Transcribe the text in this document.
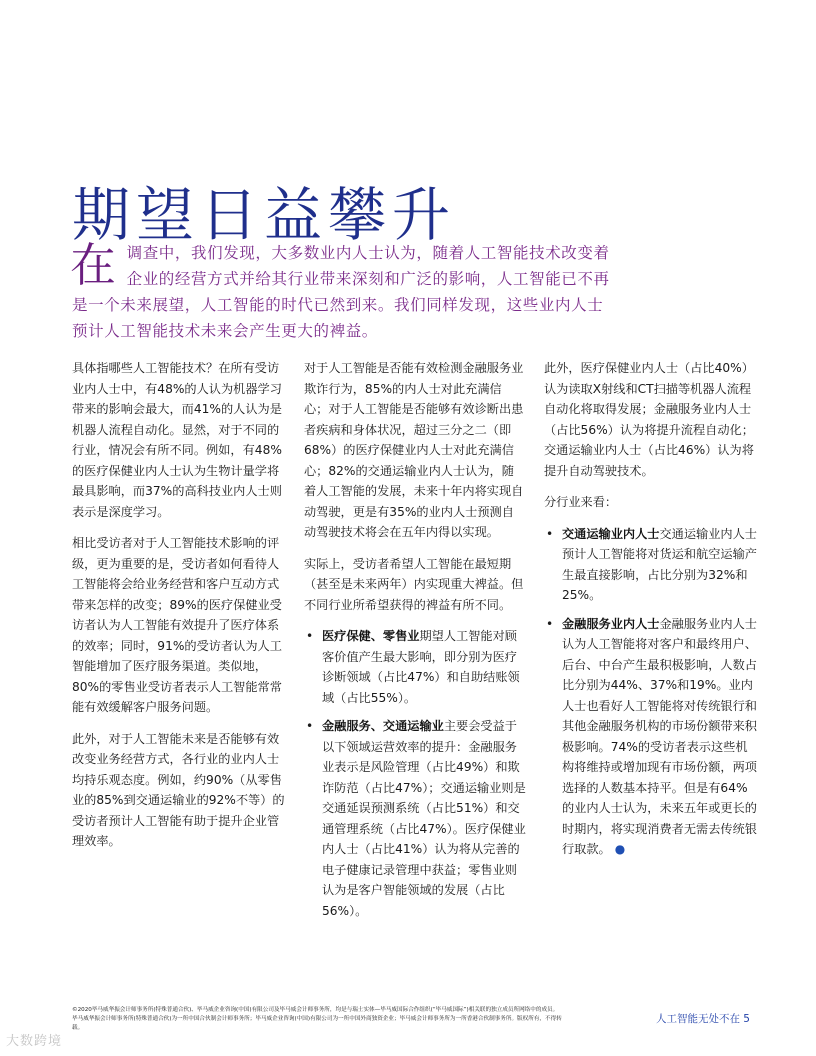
期望日益攀升
在 调查中，我们发现，大多数业内人士认为，随着人工智能技术改变着企业的经营方式并给其行业带来深刻和广泛的影响，人工智能已不再是一个未来展望，人工智能的时代已然到来。我们同样发现，这些业内人士预计人工智能技术未来会产生更大的裨益。

具体指哪些人工智能技术？在所有受访业内人士中，有48%的人认为机器学习带来的影响会最大，而41%的人认为是机器人流程自动化。显然，对于不同的行业，情况会有所不同。例如，有48%的医疗保健业内人士认为生物计量学将最具影响，而37%的高科技业内人士则表示是深度学习。

相比受访者对于人工智能技术影响的评级，更为重要的是，受访者如何看待人工智能将会给业务经营和客户互动方式带来怎样的改变；89%的医疗保健业受访者认为人工智能有效提升了医疗体系的效率；同时，91%的受访者认为人工智能增加了医疗服务渠道。类似地，80%的零售业受访者表示人工智能常常能有效缓解客户服务问题。

此外，对于人工智能未来是否能够有效改变业务经营方式，各行业的业内人士均持乐观态度。例如，约90%（从零售业的85%到交通运输业的92%不等）的受访者预计人工智能有助于提升企业管理效率。

对于人工智能是否能有效检测金融服务业欺诈行为，85%的内人士对此充满信心；对于人工智能是否能够有效诊断出患者疾病和身体状况，超过三分之二（即68%）的医疗保健业内人士对此充满信心；82%的交通运输业内人士认为，随着人工智能的发展，未来十年内将实现自动驾驶，更是有35%的业内人士预测自动驾驶技术将会在五年内得以实现。

实际上，受访者希望人工智能在最短期（甚至是未来两年）内实现重大裨益。但不同行业所希望获得的裨益有所不同。

• 医疗保健、零售业期望人工智能对顾客价值产生最大影响，即分别为医疗诊断领域（占比47%）和自助结账领域（占比55%）。
• 金融服务、交通运输业主要会受益于以下领域运营效率的提升：金融服务业表示是风险管理（占比49%）和欺诈防范（占比47%）；交通运输业则是交通延误预测系统（占比51%）和交通管理系统（占比47%）。医疗保健业内人士（占比41%）认为将从完善的电子健康记录管理中获益；零售业则认为是客户智能领域的发展（占比56%）。

此外，医疗保健业内人士（占比40%）认为读取X射线和CT扫描等机器人流程自动化将取得发展；金融服务业内人士（占比56%）认为将提升流程自动化；交通运输业内人士（占比46%）认为将提升自动驾驶技术。

分行业来看：

• 交通运输业内人士交通运输业内人士预计人工智能将对货运和航空运输产生最直接影响，占比分别为32%和25%。
• 金融服务业内人士金融服务业内人士认为人工智能将对客户和最终用户、后台、中台产生最积极影响，人数占比分别为44%、37%和19%。业内人士也看好人工智能将对传统银行和其他金融服务机构的市场份额带来积极影响。74%的受访者表示这些机构将维持或增加现有市场份额，两项选择的人数基本持平。但是有64%的业内人士认为，未来五年或更长的时期内，将实现消费者无需去传统银行取款。 ●
©2020毕马威华振会计师事务所(特殊普通合伙)、毕马威企业咨询(中国)有限公司及毕马威会计师事务所，均是与瑞士实体—毕马威国际合作组织(“毕马威国际”)相关联的独立成员所网络中的成员。毕马威华振会计师事务所(特殊普通合伙)为一所中国合伙制会计师事务所；毕马威企业咨询(中国)有限公司为一所中国外商独资企业；毕马威会计师事务所为一所香港合伙制事务所。版权所有，不得转载。
人工智能无处不在 5
大数跨境
